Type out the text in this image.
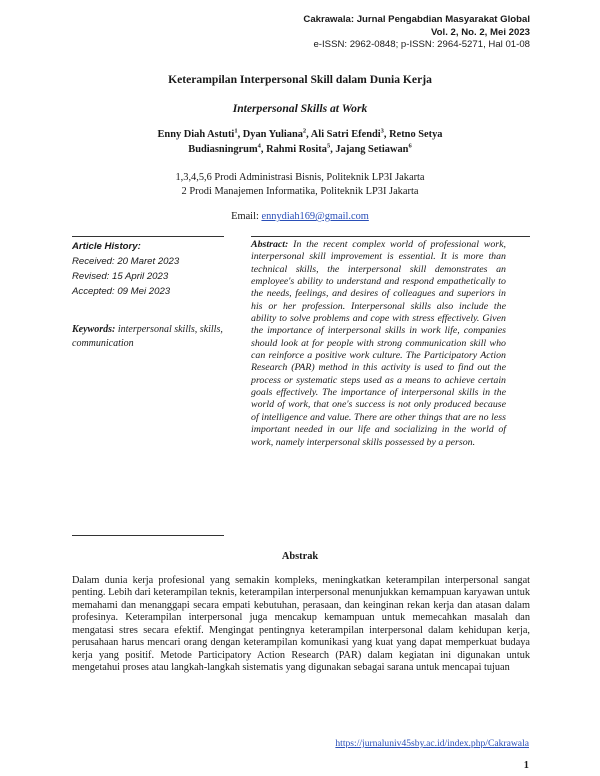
Cakrawala: Jurnal Pengabdian Masyarakat Global
Vol. 2, No. 2, Mei 2023
e-ISSN: 2962-0848; p-ISSN: 2964-5271, Hal 01-08
Keterampilan Interpersonal Skill dalam Dunia Kerja
Interpersonal Skills at Work
Enny Diah Astuti$^1$, Dyan Yuliana$^2$, Ali Satri Efendi$^3$, Retno Setya Budiasningrum$^4$, Rahmi Rosita$^5$, Jajang Setiawan$^6$
1,3,4,5,6 Prodi Administrasi Bisnis, Politeknik LP3I Jakarta
2 Prodi Manajemen Informatika, Politeknik LP3I Jakarta
Email: ennydiah169@gmail.com
Article History:
Received: 20 Maret 2023
Revised: 15 April 2023
Accepted: 09 Mei 2023
Keywords: interpersonal skills, skills, communication
Abstract: In the recent complex world of professional work, interpersonal skill improvement is essential. It is more than technical skills, the interpersonal skill demonstrates an employee's ability to understand and respond empathetically to the needs, feelings, and desires of colleagues and superiors in his or her profession. Interpersonal skills also include the ability to solve problems and cope with stress effectively. Given the importance of interpersonal skills in work life, companies should look at for people with strong communication skill who can reinforce a positive work culture. The Participatory Action Research (PAR) method in this activity is used to find out the process or systematic steps used as a means to achieve certain goals effectively. The importance of interpersonal skills in the world of work, that one's success is not only produced because of intelligence and value. There are other things that are no less important needed in our life and socializing in the world of work, namely interpersonal skills possessed by a person.
Abstrak
Dalam dunia kerja profesional yang semakin kompleks, meningkatkan keterampilan interpersonal sangat penting. Lebih dari keterampilan teknis, keterampilan interpersonal menunjukkan kemampuan karyawan untuk memahami dan menanggapi secara empati kebutuhan, perasaan, dan keinginan rekan kerja dan atasan dalam profesinya. Keterampilan interpersonal juga mencakup kemampuan untuk memecahkan masalah dan mengatasi stres secara efektif. Mengingat pentingnya keterampilan interpersonal dalam kehidupan kerja, perusahaan harus mencari orang dengan keterampilan komunikasi yang kuat yang dapat memperkuat budaya kerja yang positif. Metode Participatory Action Research (PAR) dalam kegiatan ini digunakan untuk mengetahui proses atau langkah-langkah sistematis yang digunakan sebagai sarana untuk mencapai tujuan
https://jurnaluniv45sby.ac.id/index.php/Cakrawala
1
